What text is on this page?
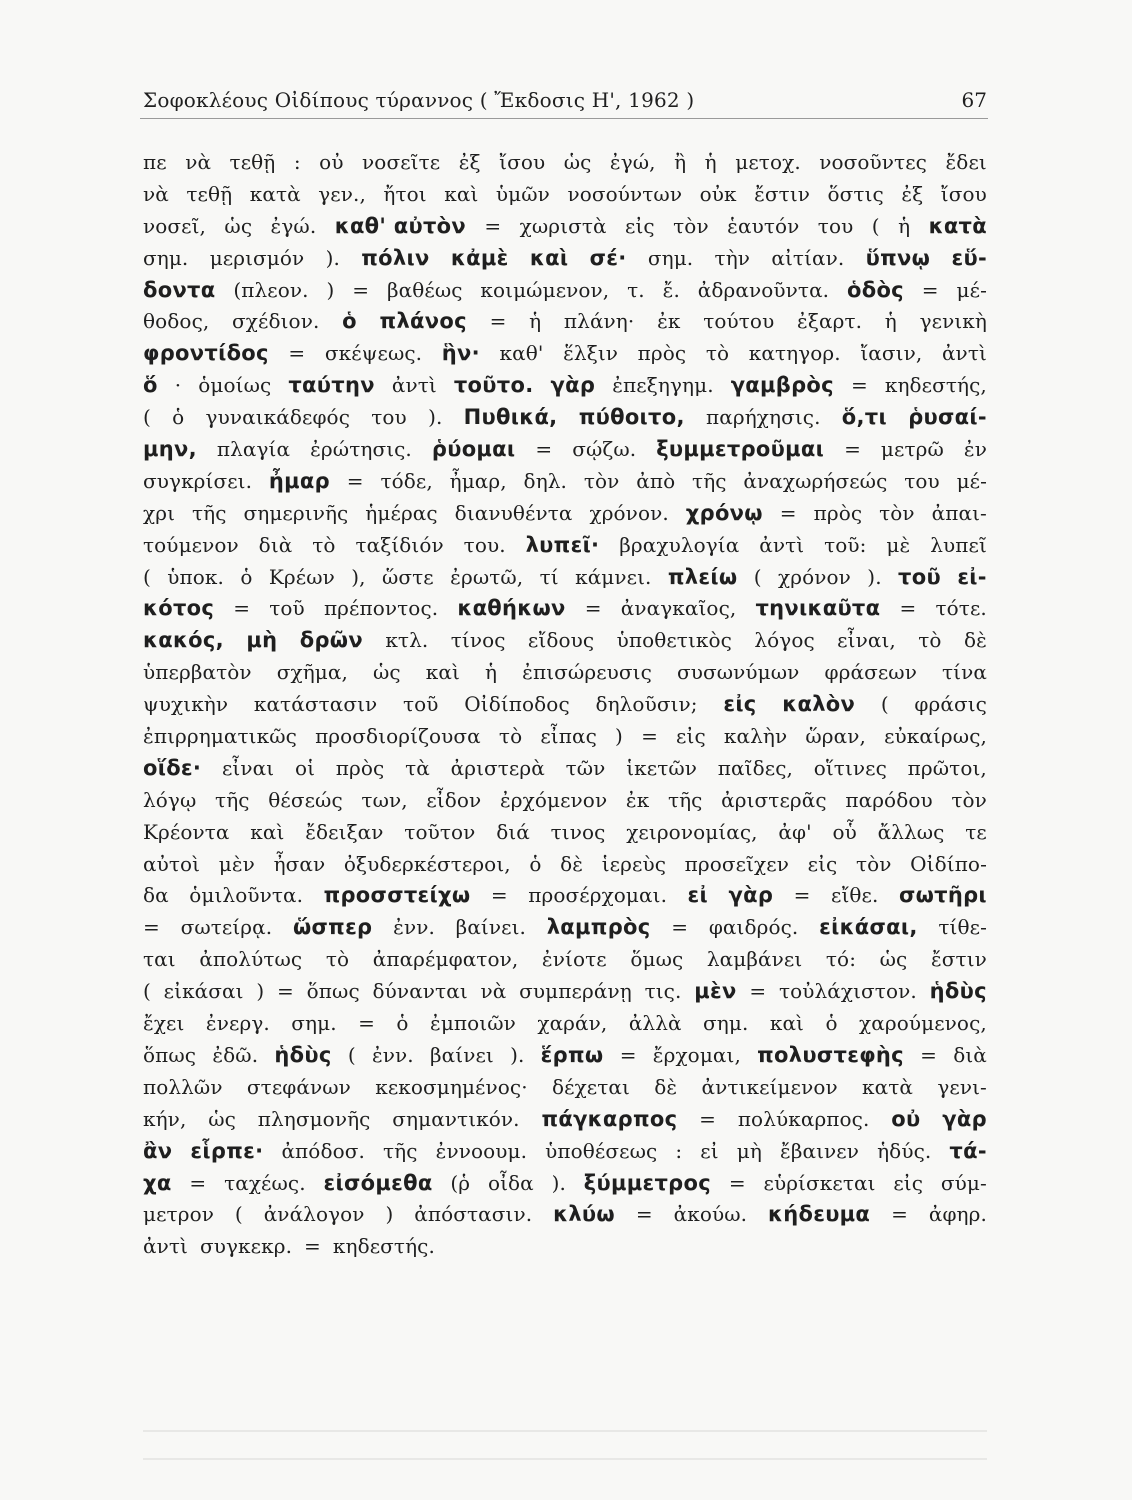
Σοφοκλέους Οἰδίπους τύραννος ( Ἔκδοσις Η', 1962 )	67
πε νὰ τεθῇ : οὐ νοσεῖτε ἐξ ἴσου ὡς ἐγώ, ἢ ἡ μετοχ. νοσοῦντες ἔδει
νὰ τεθῇ κατὰ γεν., ἤτοι καὶ ὑμῶν νοσούντων οὐκ ἔστιν ὅστις ἐξ ἴσου
νοσεῖ, ὡς ἐγώ. καθ' αὐτὸν = χωριστὰ εἰς τὸν ἑαυτόν του ( ἡ κατὰ
σημ. μερισμόν ). πόλιν κἀμὲ καὶ σέ· σημ. τὴν αἰτίαν. ὕπνῳ εὕ-
δοντα (πλεον. ) = βαθέως κοιμώμενον, τ. ἔ. ἀδρανοῦντα. ὁδὸς = μέ-
θοδος, σχέδιον. ὁ πλάνος = ἡ πλάνη· ἐκ τούτου ἐξαρτ. ἡ γενικὴ
φροντίδος = σκέψεως. ἣν· καθ' ἕλξιν πρὸς τὸ κατηγορ. ἴασιν, ἀντὶ
ὅ · ὁμοίως ταύτην ἀντὶ τοῦτο. γὰρ ἐπεξηγημ. γαμβρὸς = κηδεστής,
( ὁ γυναικάδεφός του ). Πυθικά, πύθοιτο, παρήχησις. ὅ,τι ῥυσαί-
μην, πλαγία ἐρώτησις. ῥύομαι = σῴζω. ξυμμετροῦμαι = μετρῶ ἐν
συγκρίσει. ἦμαρ = τόδε, ἦμαρ, δηλ. τὸν ἀπὸ τῆς ἀναχωρήσεώς του μέ-
χρι τῆς σημερινῆς ἡμέρας διανυθέντα χρόνον. χρόνῳ = πρὸς τὸν ἀπαι-
τούμενον διὰ τὸ ταξίδιόν του. λυπεῖ· βραχυλογία ἀντὶ τοῦ: μὲ λυπεῖ
( ὑποκ. ὁ Κρέων ), ὥστε ἐρωτῶ, τί κάμνει. πλείω ( χρόνον ). τοῦ εἰ-
κότος = τοῦ πρέποντος. καθήκων = ἀναγκαῖος, τηνικαῦτα = τότε.
κακός, μὴ δρῶν κτλ. τίνος εἴδους ὑποθετικὸς λόγος εἶναι, τὸ δὲ
ὑπερβατὸν σχῆμα, ὡς καὶ ἡ ἐπισώρευσις συσωνύμων φράσεων τίνα
ψυχικὴν κατάστασιν τοῦ Οἰδίποδος δηλοῦσιν; εἰς καλὸν ( φράσις
ἐπιρρηματικῶς προσδιορίζουσα τὸ εἶπας ) = εἰς καλὴν ὥραν, εὐκαίρως,
οἵδε· εἶναι οἱ πρὸς τὰ ἀριστερὰ τῶν ἱκετῶν παῖδες, οἵτινες πρῶτοι,
λόγῳ τῆς θέσεώς των, εἶδον ἐρχόμενον ἐκ τῆς ἀριστερᾶς παρόδου τὸν
Κρέοντα καὶ ἔδειξαν τοῦτον διά τινος χειρονομίας, ἀφ' οὗ ἄλλως τε
αὐτοὶ μὲν ἦσαν ὀξυδερκέστεροι, ὁ δὲ ἱερεὺς προσεῖχεν εἰς τὸν Οἰδίπο-
δα ὁμιλοῦντα. προσστείχω = προσέρχομαι. εἰ γὰρ = εἴθε. σωτῆρι
= σωτείρᾳ. ὥσπερ ἐνν. βαίνει. λαμπρὸς = φαιδρός. εἰκάσαι, τίθε-
ται ἀπολύτως τὸ ἀπαρέμφατον, ἐνίοτε ὅμως λαμβάνει τό: ὡς ἔστιν
( εἰκάσαι ) = ὅπως δύνανται νὰ συμπεράνῃ τις. μὲν = τοὐλάχιστον. ἡδὺς
ἔχει ἐνεργ. σημ. = ὁ ἐμποιῶν χαράν, ἀλλὰ σημ. καὶ ὁ χαρούμενος,
ὅπως ἐδῶ. ἡδὺς ( ἐνν. βαίνει ). ἕρπω = ἔρχομαι, πολυστεφὴς = διὰ
πολλῶν στεφάνων κεκοσμημένος· δέχεται δὲ ἀντικείμενον κατὰ γενι-
κήν, ὡς πλησμονῆς σημαντικόν. πάγκαρπος = πολύκαρπος. οὐ γὰρ
ἂν εἷρπε· ἀπόδοσ. τῆς ἐννοουμ. ὑποθέσεως : εἰ μὴ ἔβαινεν ἡδύς. τά-
χα = ταχέως. εἰσόμεθα (ῥ οἶδα ). ξύμμετρος = εὑρίσκεται εἰς σύμ-
μετρον ( ἀνάλογον ) ἀπόστασιν. κλύω = ἀκούω. κήδευμα = ἀφηρ.
ἀντὶ συγκεκρ. = κηδεστής.
